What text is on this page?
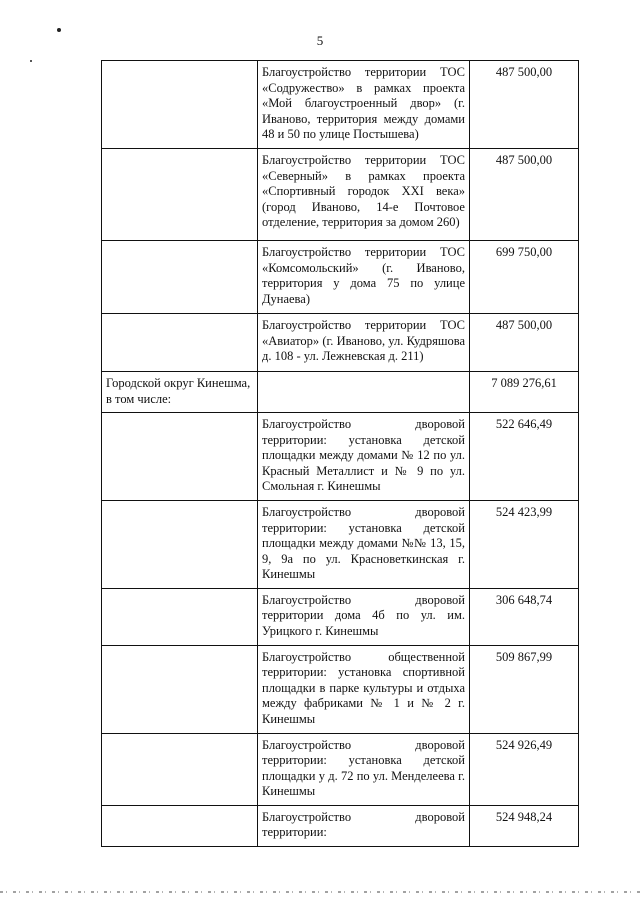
5
	Благоустройство территории ТОС «Содружество» в рамках проекта «Мой благоустроенный двор» (г. Иваново, территория между домами 48 и 50 по улице Постышева)	487 500,00
	Благоустройство территории ТОС «Северный» в рамках проекта «Спортивный городок XXI века» (город Иваново, 14-е Почтовое отделение, территория за домом 260)	487 500,00
	Благоустройство территории ТОС «Комсомольский» (г. Иваново, территория у дома 75 по улице Дунаева)	699 750,00
	Благоустройство территории ТОС «Авиатор» (г. Иваново, ул. Кудряшова д. 108 - ул. Лежневская д. 211)	487 500,00
Городской округ Кинешма, в том числе:		7 089 276,61
	Благоустройство дворовой территории: установка детской площадки между домами № 12 по ул. Красный Металлист и № 9 по ул. Смольная г. Кинешмы	522 646,49
	Благоустройство дворовой территории: установка детской площадки между домами №№ 13, 15, 9, 9а по ул. Красноветкинская г. Кинешмы	524 423,99
	Благоустройство дворовой территории дома 4б по ул. им. Урицкого г. Кинешмы	306 648,74
	Благоустройство общественной территории: установка спортивной площадки в парке культуры и отдыха между фабриками № 1 и № 2 г. Кинешмы	509 867,99
	Благоустройство дворовой территории: установка детской площадки у д. 72 по ул. Менделеева г. Кинешмы	524 926,49
	Благоустройство дворовой территории:	524 948,24
